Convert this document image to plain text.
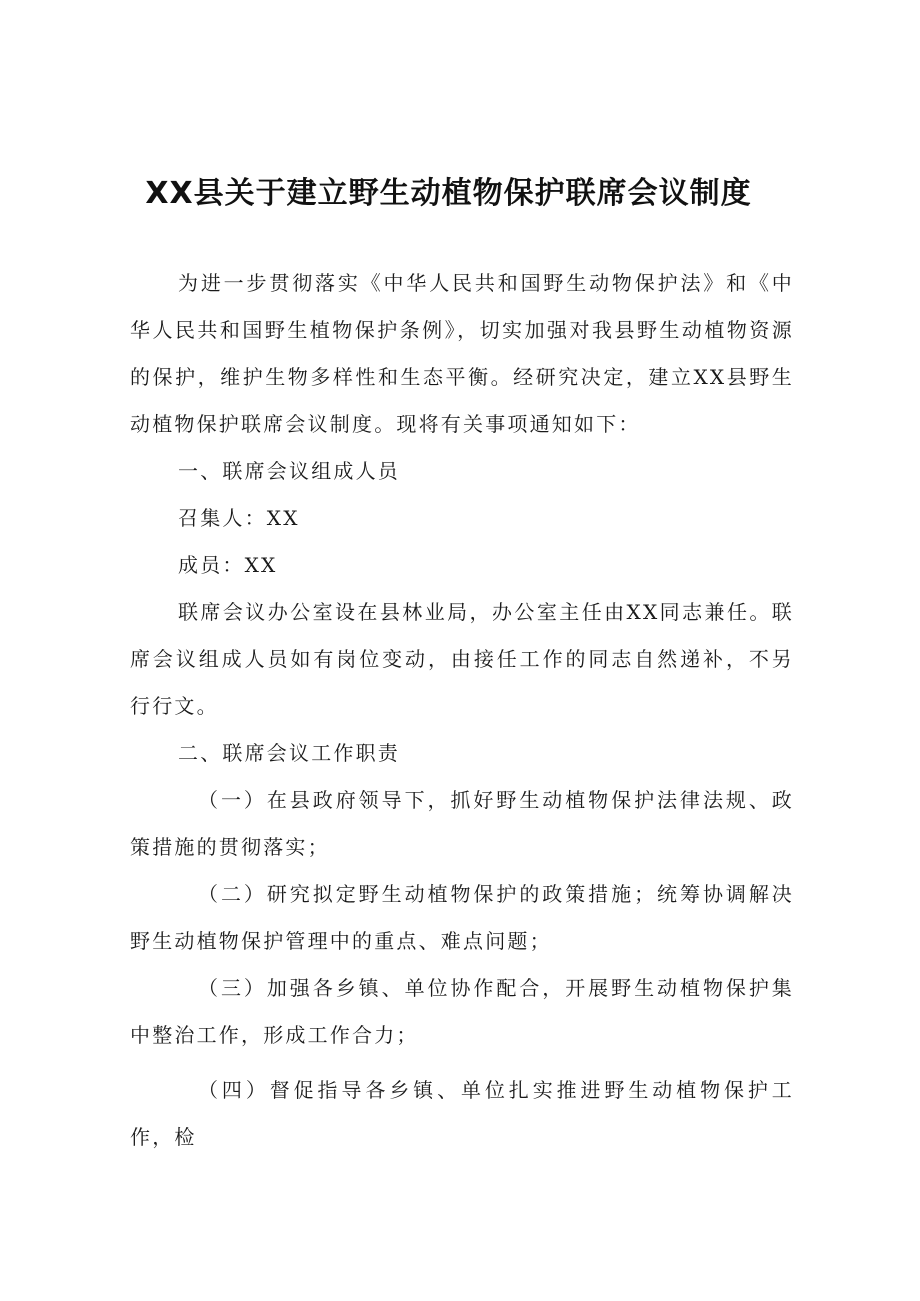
XX县关于建立野生动植物保护联席会议制度

为进一步贯彻落实《中华人民共和国野生动物保护法》和《中华人民共和国野生植物保护条例》，切实加强对我县野生动植物资源的保护，维护生物多样性和生态平衡。经研究决定，建立XX县野生动植物保护联席会议制度。现将有关事项通知如下：

一、联席会议组成人员

召集人：XX

成员：XX

联席会议办公室设在县林业局，办公室主任由XX同志兼任。联席会议组成人员如有岗位变动，由接任工作的同志自然递补，不另行行文。

二、联席会议工作职责

（一）在县政府领导下，抓好野生动植物保护法律法规、政策措施的贯彻落实；

（二）研究拟定野生动植物保护的政策措施；统筹协调解决野生动植物保护管理中的重点、难点问题；

（三）加强各乡镇、单位协作配合，开展野生动植物保护集中整治工作，形成工作合力；

（四）督促指导各乡镇、单位扎实推进野生动植物保护工作，检
